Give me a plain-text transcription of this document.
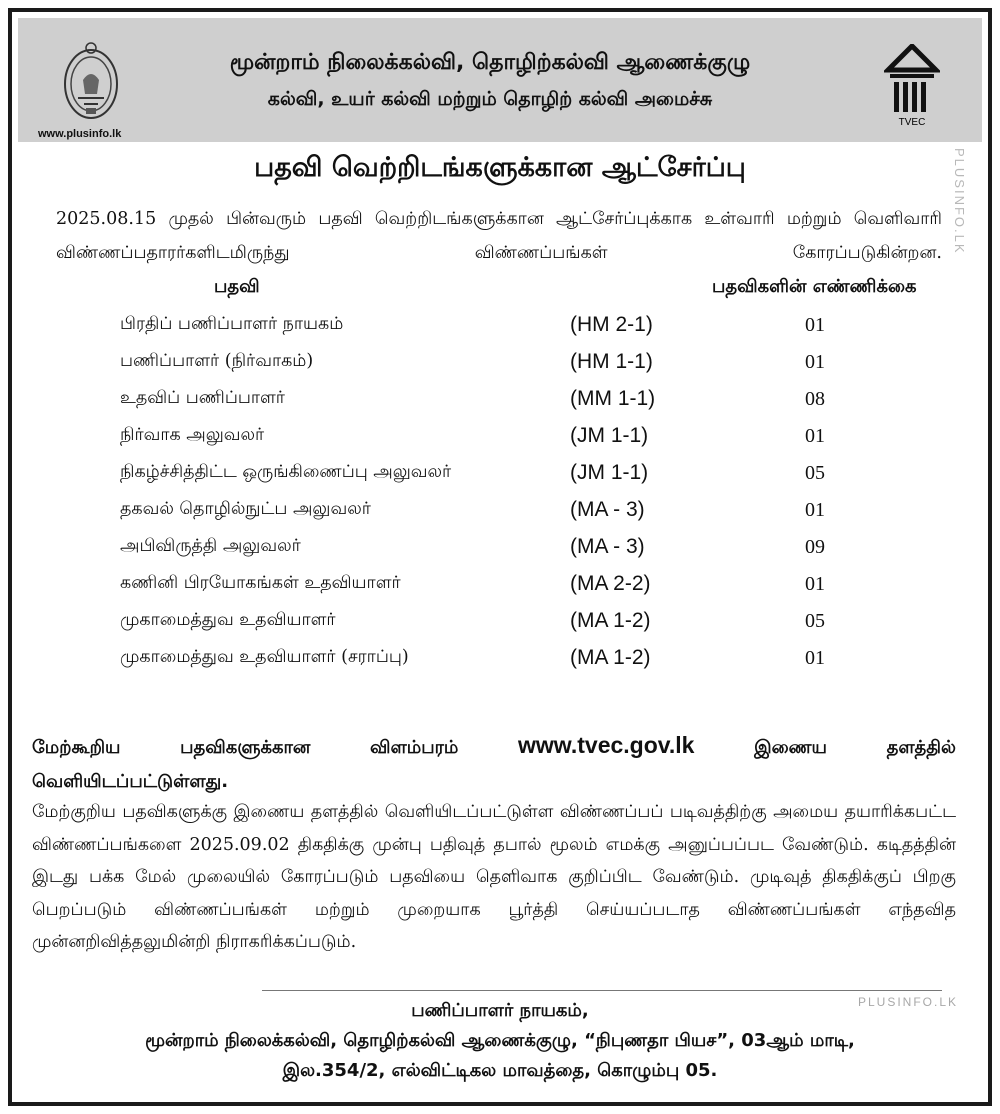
www.plusinfo.lk
மூன்றாம் நிலைக்கல்வி, தொழிற்கல்வி ஆணைக்குழு
கல்வி, உயர் கல்வி மற்றும் தொழிற் கல்வி அமைச்சு
TVEC
PLUSINFO.LK
பதவி வெற்றிடங்களுக்கான ஆட்சேர்ப்பு
2025.08.15 முதல் பின்வரும் பதவி வெற்றிடங்களுக்கான ஆட்சேர்ப்புக்காக உள்வாரி மற்றும் வெளிவாரி விண்ணப்பதாரர்களிடமிருந்து விண்ணப்பங்கள் கோரப்படுகின்றன.
பதவி	பதவிகளின் எண்ணிக்கை
பிரதிப் பணிப்பாளர் நாயகம்	(HM 2-1)	01
பணிப்பாளர் (நிர்வாகம்)	(HM 1-1)	01
உதவிப் பணிப்பாளர்	(MM 1-1)	08
நிர்வாக அலுவலர்	(JM 1-1)	01
நிகழ்ச்சித்திட்ட ஒருங்கிணைப்பு அலுவலர்	(JM 1-1)	05
தகவல் தொழில்நுட்ப அலுவலர்	(MA - 3)	01
அபிவிருத்தி அலுவலர்	(MA - 3)	09
கணினி பிரயோகங்கள் உதவியாளர்	(MA 2-2)	01
முகாமைத்துவ உதவியாளர்	(MA 1-2)	05
முகாமைத்துவ உதவியாளர் (சராப்பு)	(MA 1-2)	01
மேற்கூறிய	பதவிகளுக்கான	விளம்பரம்	www.tvec.gov.lk	இணைய	தளத்தில்
வெளியிடப்பட்டுள்ளது.
மேற்குறிய பதவிகளுக்கு இணைய தளத்தில் வெளியிடப்பட்டுள்ள விண்ணப்பப் படிவத்திற்கு அமைய தயாரிக்கபட்ட விண்ணப்பங்களை 2025.09.02 திகதிக்கு முன்பு பதிவுத் தபால் மூலம் எமக்கு அனுப்பப்பட வேண்டும். கடிதத்தின் இடது பக்க மேல் முலையில் கோரப்படும் பதவியை தெளிவாக குறிப்பிட வேண்டும். முடிவுத் திகதிக்குப் பிறகு பெறப்படும் விண்ணப்பங்கள் மற்றும் முறையாக பூர்த்தி செய்யப்படாத விண்ணப்பங்கள் எந்தவித முன்னறிவித்தலுமின்றி நிராகரிக்கப்படும்.
PLUSINFO.LK
பணிப்பாளர் நாயகம்,
மூன்றாம் நிலைக்கல்வி, தொழிற்கல்வி ஆணைக்குழு, “நிபுணதா பியச”, 03ஆம் மாடி,
இல.354/2, எல்விட்டிகல மாவத்தை, கொழும்பு 05.
